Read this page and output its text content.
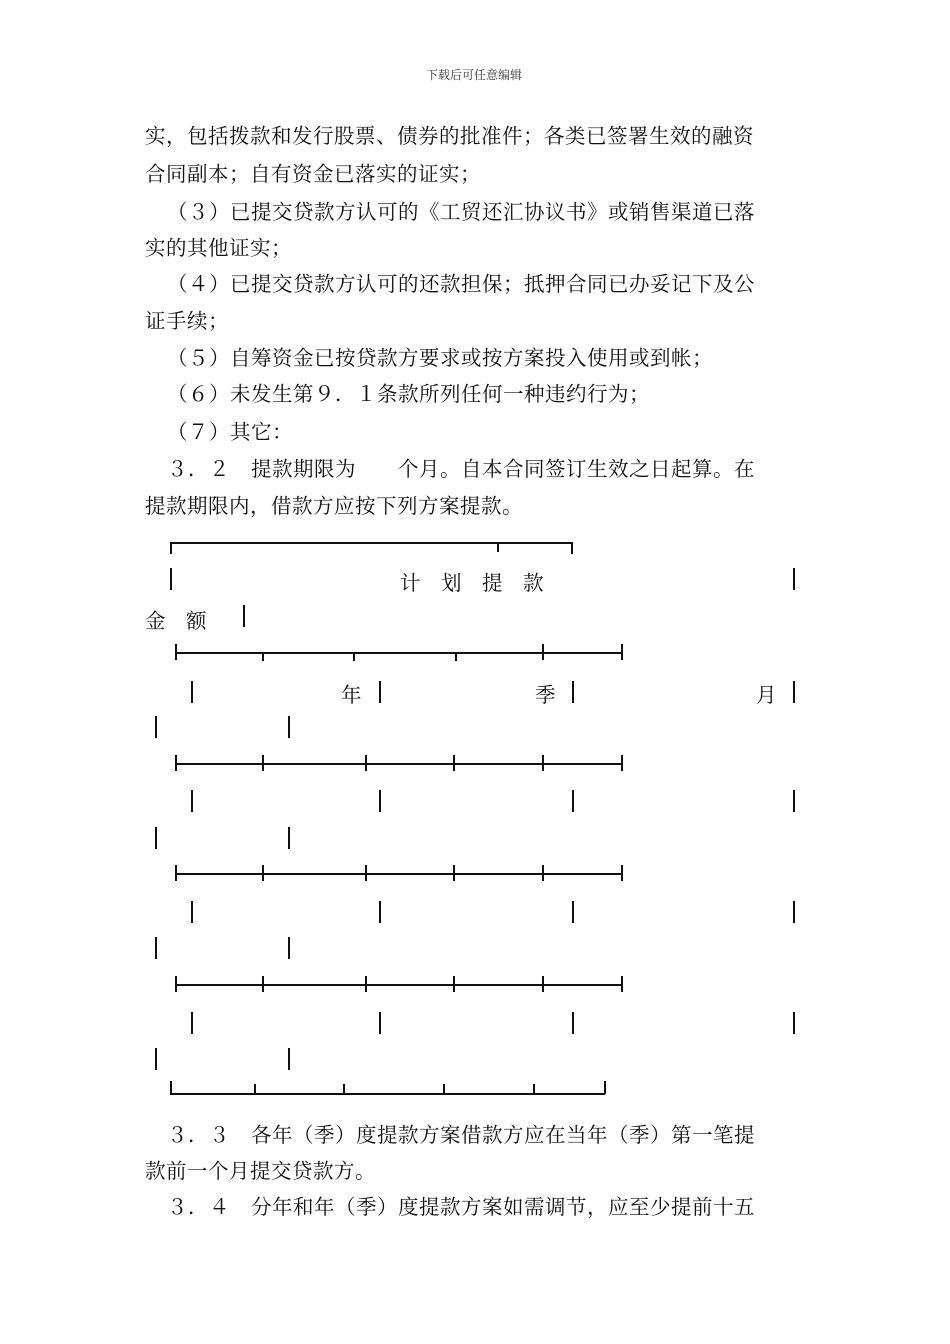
下载后可任意编辑
实，包括拨款和发行股票、债券的批准件；各类已签署生效的融资
合同副本；自有资金已落实的证实；
（３）已提交贷款方认可的《工贸还汇协议书》或销售渠道已落
实的其他证实；
（４）已提交贷款方认可的还款担保；抵押合同已办妥记下及公
证手续；
（５）自筹资金已按贷款方要求或按方案投入使用或到帐；
（６）未发生第９．１条款所列任何一种违约行为；
（７）其它：
３．２　提款期限为　　个月。自本合同签订生效之日起算。在
提款期限内，借款方应按下列方案提款。
计　划　提　款
金　额
年	季	月
３．３　各年（季）度提款方案借款方应在当年（季）第一笔提
款前一个月提交贷款方。
３．４　分年和年（季）度提款方案如需调节，应至少提前十五
